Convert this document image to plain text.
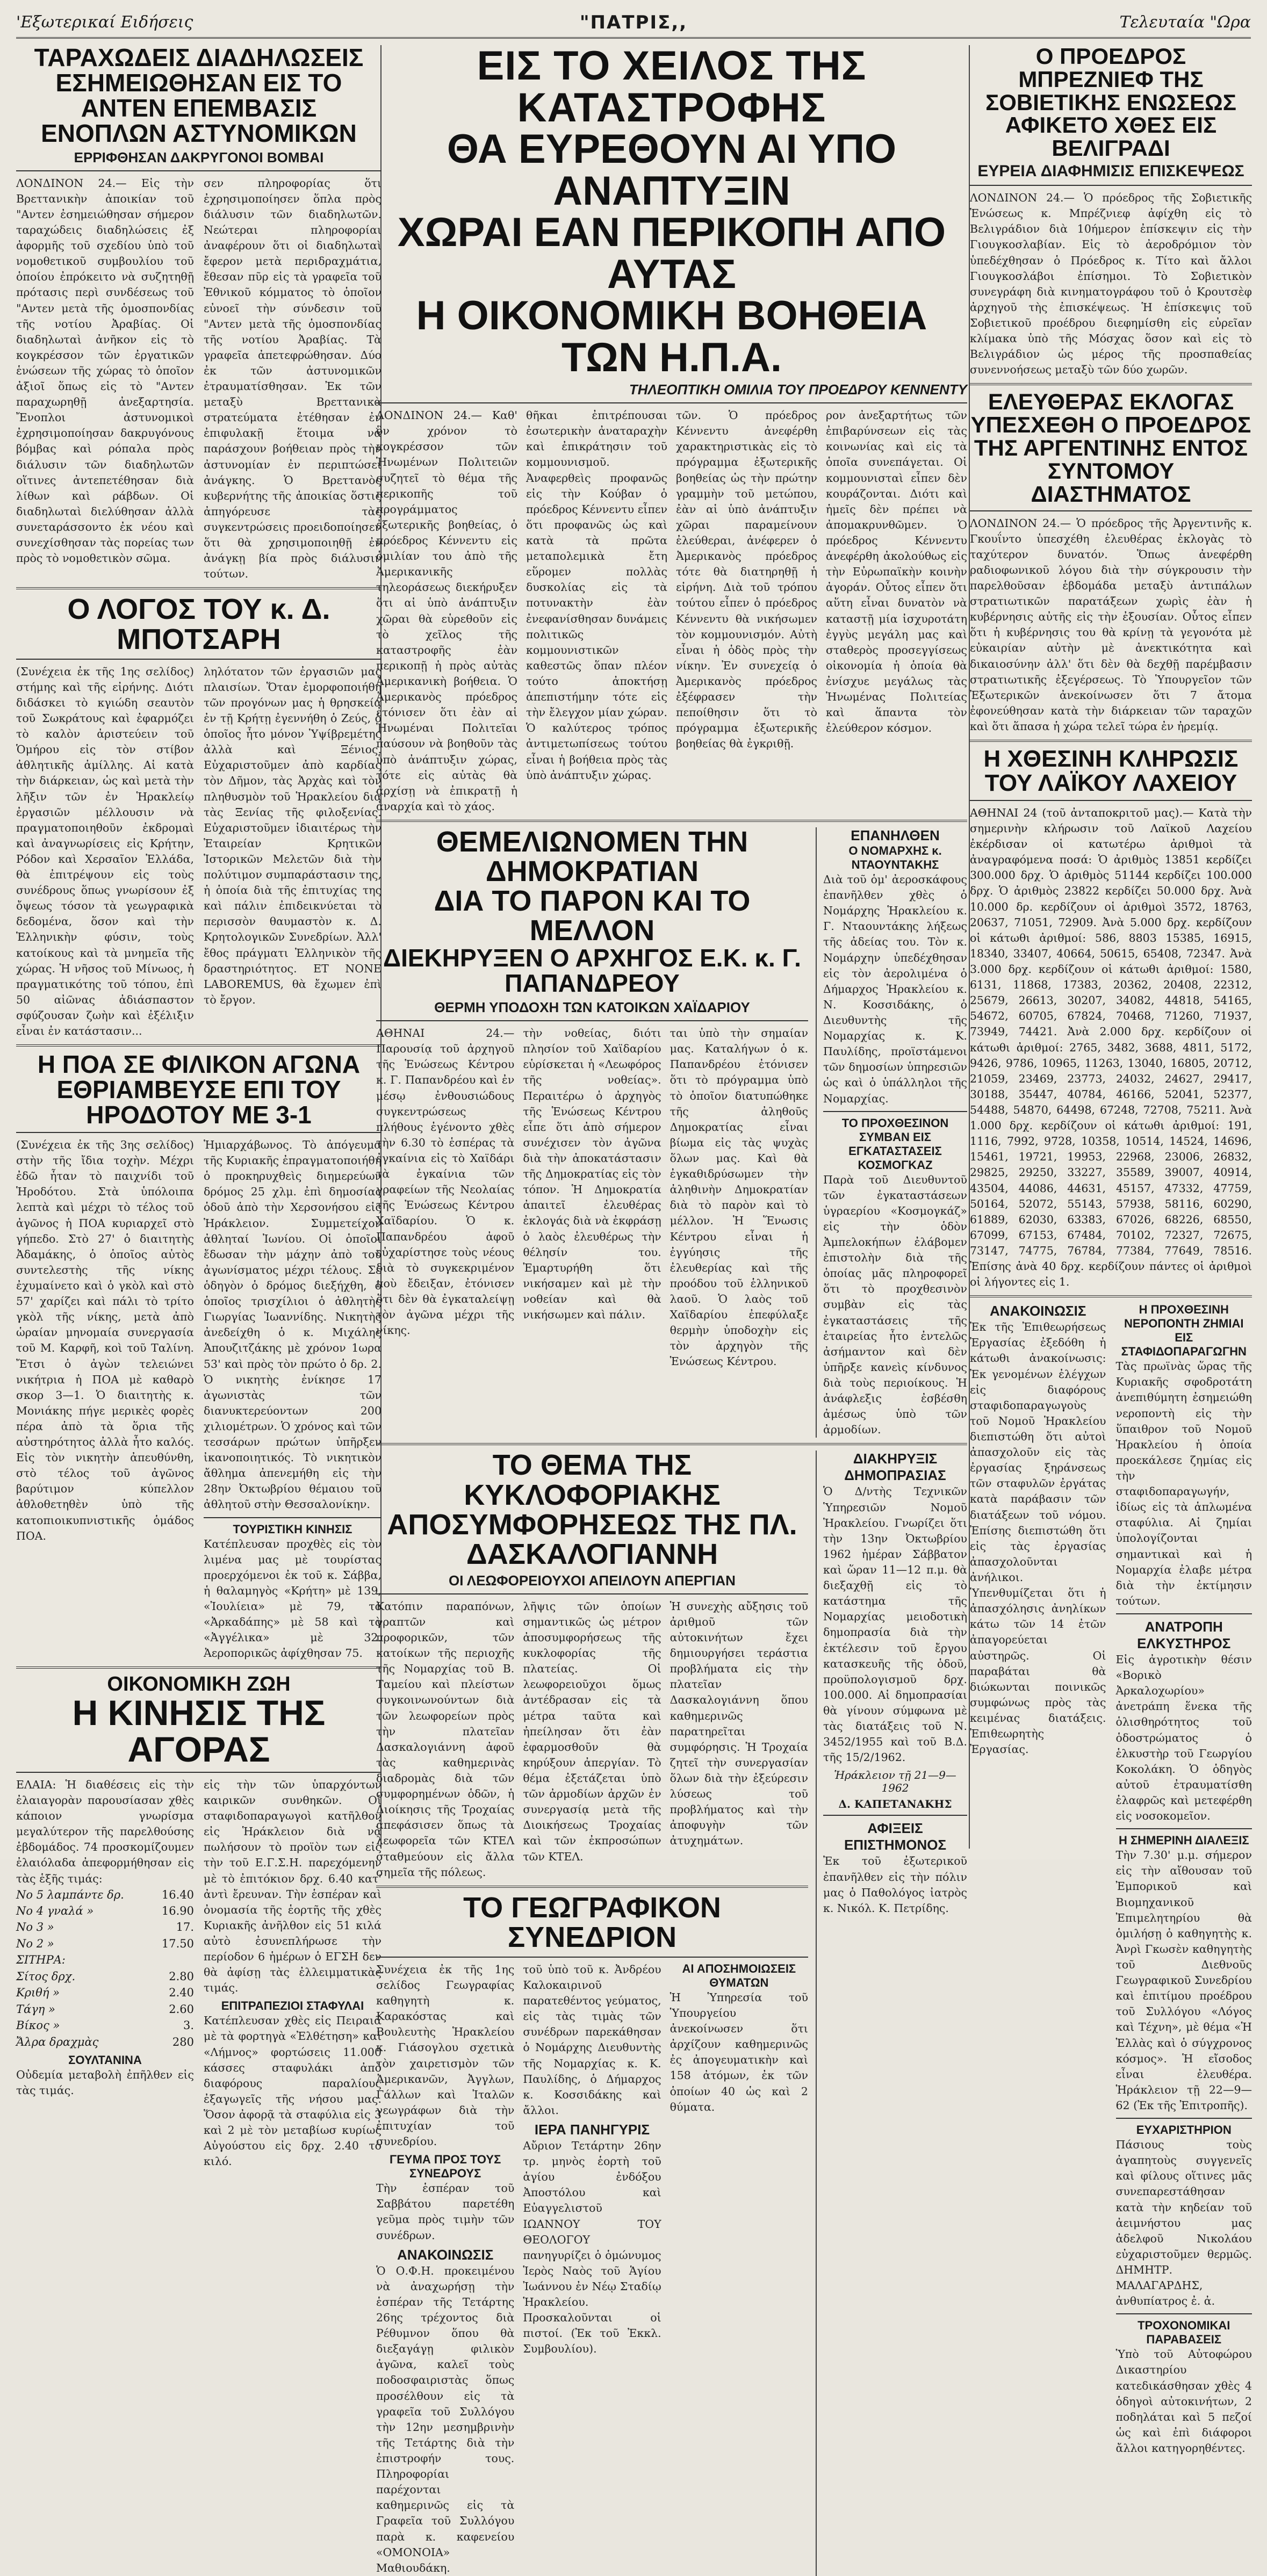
'Εξωτερικαί Ειδήσεις	"ΠΑΤΡΙΣ,,	Τελευταία "Ωρα
ΤΑΡΑΧΩΔΕΙΣ ΔΙΑΔΗΛΩΣΕΙΣ ΕΣΗΜΕΙΩΘΗΣΑΝ ΕΙΣ ΤΟ ΑΝΤΕΝ ΕΠΕΜΒΑΣΙΣ ΕΝΟΠΛΩΝ ΑΣΤΥΝΟΜΙΚΩΝ
ΕΡΡΙΦΘΗΣΑΝ ΔΑΚΡΥΓΟΝΟΙ ΒΟΜΒΑΙ
ΛΟΝΔΙΝΟΝ 24.— Εἰς τὴν Βρεττανικὴν ἀποικίαν τοῦ "Αντεν ἐσημειώθησαν σήμερον ταραχώδεις διαδηλώσεις ἐξ ἀφορμῆς τοῦ σχεδίου ὑπὸ τοῦ νομοθετικοῦ συμβουλίου τοῦ ὁποίου ἐπρόκειτο νὰ συζητηθῇ πρότασις περὶ συνδέσεως τοῦ "Αντεν μετὰ τῆς ὁμοσπονδίας τῆς νοτίου Ἀραβίας. Οἱ διαδηλωταὶ ἀνῆκον εἰς τὸ κογκρέσσον τῶν ἐργατικῶν ἑνώσεων τῆς χώρας τὸ ὁποῖον ἀξιοῖ ὅπως εἰς τὸ "Αντεν παραχωρηθῇ ἀνεξαρτησία. Ἔνοπλοι ἀστυνομικοὶ ἐχρησιμοποίησαν δακρυγόνους βόμβας καὶ ρόπαλα πρὸς διάλυσιν τῶν διαδηλωτῶν οἵτινες ἀντεπετέθησαν διὰ λίθων καὶ ράβδων. Οἱ διαδηλωταὶ διελύθησαν ἀλλὰ συνεταράσσοντο ἐκ νέου καὶ συνεχίσθησαν τὰς πορείας των πρὸς τὸ νομοθετικὸν σῶμα.
σεν πληροφορίας ὅτι ἐχρησιμοποίησεν ὅπλα πρὸς διάλυσιν τῶν διαδηλωτῶν. Νεώτεραι πληροφορίαι ἀναφέρουν ὅτι οἱ διαδηλωταὶ ἔφερον μετὰ περιδραχμάτια, ἔθεσαν πῦρ εἰς τὰ γραφεῖα τοῦ Ἐθνικοῦ κόμματος τὸ ὁποῖον εὐνοεῖ τὴν σύνδεσιν τοῦ "Αντεν μετὰ τῆς ὁμοσπονδίας τῆς νοτίου Ἀραβίας. Τὰ γραφεῖα ἀπετεφρώθησαν. Δύο ἐκ τῶν ἀστυνομικῶν ἐτραυματίσθησαν. Ἐκ τῶν μεταξὺ Βρεττανικὰ στρατεύματα ἐτέθησαν ἐν ἐπιφυλακῇ ἕτοιμα νὰ παράσχουν βοήθειαν πρὸς τὴν ἀστυνομίαν ἐν περιπτώσει ἀνάγκης. Ὁ Βρεττανὸς κυβερνήτης τῆς ἀποικίας ὅστις ἀπηγόρευσε τὰς συγκεντρώσεις προειδοποίησεν ὅτι θὰ χρησιμοποιηθῇ ἐν ἀνάγκῃ βία πρὸς διάλυσιν τούτων.
Ο ΛΟΓΟΣ ΤΟΥ κ. Δ. ΜΠΟΤΣΑΡΗ
(Συνέχεια ἐκ τῆς 1ης σελίδος) στήμης καὶ τῆς εἰρήνης. Διότι διδάσκει τὸ κγιώδη σεαυτὸν τοῦ Σωκράτους καὶ ἐφαρμόζει τὸ καλὸν ἀριστεύειν τοῦ Ὁμήρου εἰς τὸν στίβον ἀθλητικῆς ἁμίλλης. Αἱ κατὰ τὴν διάρκειαν, ὡς καὶ μετὰ τὴν λῆξιν τῶν ἐν Ἡρακλείῳ ἐργασιῶν μέλλουσιν νὰ πραγματοποιηθοῦν ἐκδρομαὶ καὶ ἀναγνωρίσεις εἰς Κρήτην, Ρόδον καὶ Χερσαῖον Ἑλλάδα, θὰ ἐπιτρέψουν εἰς τοὺς συνέδρους ὅπως γνωρίσουν ἐξ ὄψεως τόσον τὰ γεωγραφικὰ δεδομένα, ὅσον καὶ τὴν Ἑλληνικὴν φύσιν, τοὺς κατοίκους καὶ τὰ μνημεῖα τῆς χώρας. Ἡ νῆσος τοῦ Μίνωος, ἡ πραγματικότης τοῦ τόπου, ἐπὶ 50 αἰῶνας ἀδιάσπαστον σφύζουσαν ζωὴν καὶ ἐξέλιξιν εἶναι ἐν κατάστασιν...
ληλότατον τῶν ἐργασιῶν μας πλαισίων. Ὅταν ἐμορφοποιήθη τῶν προγόνων μας ἡ θρησκεία ἐν τῇ Κρήτῃ ἐγεννήθη ὁ Ζεύς, ὁ ὁποῖος ἦτο μόνον Ὑψίβρεμέτης ἀλλὰ καὶ Ξένιος. Εὐχαριστοῦμεν ἀπὸ καρδίας τὸν Δῆμον, τὰς Ἀρχὰς καὶ τὸν πληθυσμὸν τοῦ Ἡρακλείου διὰ τὰς Ξενίας τῆς φιλοξενίας. Εὐχαριστοῦμεν ἰδιαιτέρως τὴν Ἑταιρείαν Κρητικῶν Ἱστορικῶν Μελετῶν διὰ τὴν πολύτιμον συμπαράστασιν της, ἡ ὁποία διὰ τῆς ἐπιτυχίας της καὶ πάλιν ἐπιδεικνύεται τὸ περισσὸν θαυμαστὸν κ. Δ. Κρητολογικῶν Συνεδρίων. Ἀλλ' ἔθος πράγματι Ἑλληνικὸν τῆς δραστηριότητος. ΕΤ NONE LABOREMUS, θὰ ἔχωμεν ἐπὶ τὸ ἔργον.
Η ΠΟΑ ΣΕ ΦΙΛΙΚΟΝ ΑΓΩΝΑ ΕΘΡΙΑΜΒΕΥΣΕ ΕΠΙ ΤΟΥ ΗΡΟΔΟΤΟΥ ΜΕ 3-1
(Συνέχεια ἐκ τῆς 3ης σελίδος) στὴν τῆς ἴδια τοχὴν. Μέχρι ἐδῶ ἦταν τὸ παιχνίδι τοῦ Ἡροδότου. Στὰ ὑπόλοιπα λεπτὰ καὶ μέχρι τὸ τέλος τοῦ ἀγῶνος ἡ ΠΟΑ κυριαρχεῖ στὸ γήπεδο. Στὸ 27' ὁ διαιτητὴς Ἀδαμάκης, ὁ ὁποῖος αὐτὸς συντελεστὴς τῆς νίκης ἐχυμαίνετο καὶ ὁ γκὸλ καὶ στὸ 57' χαρίζει καὶ πάλι τὸ τρίτο γκὸλ τῆς νίκης, μετὰ ἀπὸ ὡραίαν μηνομαία συνεργασία τοῦ Μ. Καρφῆ, κοὶ τοῦ Ταλίνη. Ἔτσι ὁ ἀγὼν τελειώνει νικήτρια ἡ ΠΟΑ μὲ καθαρὸ σκορ 3—1. Ὁ διαιτητὴς κ. Μονιάκης πήγε μερικὲς φορὲς πέρα ἀπὸ τὰ ὅρια τῆς αὐστηρότητος ἀλλὰ ἦτο καλός. Εἰς τὸν νικητὴν ἀπευθύνθη, στὸ τέλος τοῦ ἀγῶνος βαρύτιμον κύπελλον ἀθλοθετηθὲν ὑπὸ τῆς κατοπιοικυπνιστικῆς ὁμάδος ΠΟΑ.
Ἡμιαρχάβωνος. Τὸ ἀπόγευμα τῆς Κυριακῆς ἐπραγματοποιήθη ὁ προκηρυχθεὶς διημερεύων δρόμος 25 χλμ. ἐπὶ δημοσίας ὁδοῦ ἀπὸ τὴν Χερσονήσου εἰς Ἡράκλειον. Συμμετείχον ἀθληταί Ἰωνίου. Οἱ ὁποῖοι ἔδωσαν τὴν μάχην ἀπὸ τοῦ ἀγωνίσματος μέχρι τέλους. Σὲ ὁδηγὸν ὁ δρόμος διεξήχθη, ὁ ὁποῖος τρισχίλιοι ὁ ἀθλητὴς Γιωργίας Ἰωαννίδης. Νικητὴς ἀνεδείχθη ὁ κ. Μιχάλης Ἀπουζιτζάκης μὲ χρόνον 1ωρα 53' καὶ πρὸς τὸν πρώτο ὁ δρ. 2. Ὁ νικητὴς ἐνίκησε 17 ἀγωνιστὰς τῶν διανυκτερεύοντων 200 χιλιομέτρων. Ὁ χρόνος καὶ τῶν τεσσάρων πρώτων ὑπῆρξεν ἰκανοποιητικός. Τὸ νικητικὸν ἄθλημα ἀπενεμήθη εἰς τὴν 28ην Ὀκτωβρίου θέμαιου τοῦ ἀθλητοῦ στὴν Θεσσαλονίκην.
ΤΟΥΡΙΣΤΙΚΗ ΚΙΝΗΣΙΣ
Κατέπλευσαν προχθὲς εἰς τὸν λιμένα μας μὲ τουρίστας προερχόμενοι ἐκ τοῦ κ. Σάββα, ἡ θαλαμηγὸς «Κρήτη» μὲ 139, «Ἰουλίεια» μὲ 79, τὸ «Ἀρκαδάπης» μὲ 58 καὶ τὸ «Ἀγγέλικα» μὲ 32. Ἀεροπορικῶς ἀφίχθησαν 75.
ΟΙΚΟΝΟΜΙΚΗ ΖΩΗ
Η ΚΙΝΗΣΙΣ ΤΗΣ ΑΓΟΡΑΣ
ΕΛΑΙΑ: Ἡ διαθέσεις εἰς τὴν ἐλαιαγορὰν παρουσίασαν χθὲς κάποιον γνωρίσμα μεγαλύτερον τῆς παρελθούσης ἑβδομάδος. 74 προσκομίζουμεν ἐλαιόλαδα ἀπεφορμήθησαν εἰς τὰς ἑξῆς τιμάς:
Νο 5 λαμπάντε δρ.	16.40
Νο 4 γναλά »	16.90
Νο 3 »	17.
Νο 2 »	17.50
ΣΙΤΗΡΑ:
Σίτος δρχ.	2.80
Κριθή »	2.40
Τάγη »	2.60
Βίκος »	3.
Ἄλρα δραχμὰς	280
ΣΟΥΛΤΑΝΙΝΑ
Οὐδεμία μεταβολὴ ἐπῆλθεν εἰς τὰς τιμάς.
εἰς τὴν τῶν ὑπαρχόντων καιρικῶν συνθηκῶν. Οἱ σταφιδοπαραγωγοὶ κατῆλθον εἰς Ἡράκλειον διὰ νὰ πωλήσουν τὸ προϊὸν των εἰς τὴν τοῦ Ε.Γ.Σ.Η. παρεχόμενην μὲ τὸ ἐπιτόκιον δρχ. 6.40 κατ' ἀντὶ ἔρευναν. Τὴν ἑσπέραν καὶ ὀνομασία τῆς ἑορτῆς τῆς χθὲς Κυριακῆς ἀνῆλθον εἰς 51 κιλά αὐτὸ ἐσυνεπλήρωσε τὴν περίοδον 6 ἡμέρων ὁ ΕΓΣΗ δεν θὰ ἀφίσῃ τὰς ἐλλειμματικὰς τιμάς.
ΕΠΙΤΡΑΠΕΖΙΟΙ ΣΤΑΦΥΛΑΙ
Κατέπλευσαν χθὲς εἰς Πειραιᾶ μὲ τὰ φορτηγὰ «Ἐλθέτηση» καὶ «Λήμνος» φορτώσεις 11.000 κάσσες σταφυλάκι ἀπὸ διαφόρους παραλίους ἐξαγωγεῖς τῆς νήσου μας. Ὅσον ἀφορᾷ τὰ σταφύλια εἰς 3 καὶ 2 μὲ τὸν μεταβίωσ κυρίως Αὐγούστου εἰς δρχ. 2.40 τὸ κιλό.
ΕΙΣ ΤΟ ΧΕΙΛΟΣ ΤΗΣ ΚΑΤΑΣΤΡΟΦΗΣ
ΘΑ ΕΥΡΕΘΟΥΝ ΑΙ ΥΠΟ ΑΝΑΠΤΥΞΙΝ
ΧΩΡΑΙ ΕΑΝ ΠΕΡΙΚΟΠΗ ΑΠΟ ΑΥΤΑΣ
Η ΟΙΚΟΝΟΜΙΚΗ ΒΟΗΘΕΙΑ ΤΩΝ Η.Π.Α.
ΤΗΛΕΟΠΤΙΚΗ ΟΜΙΛΙΑ ΤΟΥ ΠΡΟΕΔΡΟΥ ΚΕΝΝΕΝΤΥ
ΛΟΝΔΙΝΟΝ 24.— Καθ' ὃν χρόνον τὸ κογκρέσσον τῶν Ἡνωμένων Πολιτειῶν συζητεῖ τὸ θέμα τῆς περικοπῆς τοῦ προγράμματος ἐξωτερικῆς βοηθείας, ὁ πρόεδρος Κέννεντυ εἰς ὁμιλίαν του ἀπὸ τῆς Ἀμερικανικῆς τηλεοράσεως διεκήρυξεν ὅτι αἱ ὑπὸ ἀνάπτυξιν χῶραι θὰ εὑρεθοῦν εἰς τὸ χεῖλος τῆς καταστροφῆς ἐὰν περικοπῇ ἡ πρὸς αὐτὰς Ἀμερικανικὴ βοήθεια. Ὁ Ἀμερικανὸς πρόεδρος ἐτόνισεν ὅτι ἐὰν αἱ Ἡνωμέναι Πολιτεῖαι παύσουν νὰ βοηθοῦν τὰς ὑπὸ ἀνάπτυξιν χώρας, τότε εἰς αὐτὰς θὰ ἀρχίσῃ νὰ ἐπικρατῇ ἡ ἀναρχία καὶ τὸ χάος.
θῆκαι ἐπιτρέπουσαι ἐσωτερικὴν ἀναταραχὴν καὶ ἐπικράτησιν τοῦ κομμουνισμοῦ. Ἀναφερθεὶς προφανῶς εἰς τὴν Κούβαν ὁ πρόεδρος Κέννεντυ εἶπεν ὅτι προφανῶς ὡς καὶ κατὰ τὰ πρῶτα μεταπολεμικὰ ἔτη εὕρομεν πολλὰς δυσκολίας εἰς τὰ ποτυνακτὴν ἐὰν ἐνεφανίσθησαν δυνάμεις πολιτικῶς κομμουνιστικῶν καθεστῶς ὅπαν πλέον τούτο ἀποκτήσῃ ἀπεπιστήμην τότε εἰς τὴν ἔλεγχον μίαν χώραν. Ὁ καλύτερος τρόπος ἀντιμετωπίσεως τούτου εἶναι ἡ βοήθεια πρὸς τὰς ὑπὸ ἀνάπτυξιν χώρας.
τῶν. Ὁ πρόεδρος Κέννεντυ ἀνεφέρθη χαρακτηριστικὰς εἰς τὸ πρόγραμμα ἐξωτερικῆς βοηθείας ὡς τὴν πρώτην γραμμὴν τοῦ μετώπου, ἐὰν αἱ ὑπὸ ἀνάπτυξιν χῶραι παραμείνουν ἐλεύθεραι, ἀνέφερεν ὁ Ἀμερικανὸς πρόεδρος τότε θὰ διατηρηθῇ ἡ εἰρήνη. Διὰ τοῦ τρόπου τούτου εἶπεν ὁ πρόεδρος Κέννεντυ θὰ νικήσωμεν τὸν κομμουνισμόν. Αὐτὴ εἶναι ἡ ὁδὸς πρὸς τὴν νίκην. Ἐν συνεχείᾳ ὁ Ἀμερικανὸς πρόεδρος ἐξέφρασεν τὴν πεποίθησιν ὅτι τὸ πρόγραμμα ἐξωτερικῆς βοηθείας θὰ ἐγκριθῇ.
ρον ἀνεξαρτήτως τῶν ἐπιβαρύνσεων εἰς τὰς κοινωνίας καὶ εἰς τὰ ὁποῖα συνεπάγεται. Οἱ κομμουνισταὶ εἶπεν δὲν κουράζονται. Διότι καὶ ἡμεῖς δὲν πρέπει νὰ ἀπομακρυνθῶμεν. Ὁ πρόεδρος Κέννεντυ ἀνεφέρθη ἀκολούθως εἰς τὴν Εὐρωπαϊκὴν κοινὴν ἀγοράν. Οὗτος εἶπεν ὅτι αὕτη εἶναι δυνατὸν νὰ καταστῇ μία ἰσχυροτάτη ἐγγὺς μεγάλη μας καὶ σταθερὸς προσεγγίσεως οἰκονομία ἡ ὁποία θὰ ἐνίσχυε μεγάλως τὰς Ἡνωμένας Πολιτείας καὶ ἅπαντα τὸν ἐλεύθερον κόσμον.
ΘΕΜΕΛΙΩΝΟΜΕΝ ΤΗΝ ΔΗΜΟΚΡΑΤΙΑΝ
ΔΙΑ ΤΟ ΠΑΡΟΝ ΚΑΙ ΤΟ ΜΕΛΛΟΝ
ΔΙΕΚΗΡΥΞΕΝ Ο ΑΡΧΗΓΟΣ Ε.Κ. κ. Γ. ΠΑΠΑΝΔΡΕΟΥ
ΘΕΡΜΗ ΥΠΟΔΟΧΗ ΤΩΝ ΚΑΤΟΙΚΩΝ ΧΑΪΔΑΡΙΟΥ
ΑΘΗΝΑΙ 24.— Παρουσίᾳ τοῦ ἀρχηγοῦ τῆς Ἑνώσεως Κέντρου κ. Γ. Παπανδρέου καὶ ἐν μέσῳ ἐνθουσιώδους συγκεντρώσεως πλήθους ἐγένοντο χθὲς τὴν 6.30 τὸ ἑσπέρας τὰ ἐγκαίνια εἰς τὸ Χαϊδάρι τὰ ἐγκαίνια τῶν γραφείων τῆς Νεολαίας τῆς Ἑνώσεως Κέντρου Χαϊδαρίου. Ὁ κ. Παπανδρέου ἀφοῦ εὐχαρίστησε τοὺς νέους διὰ τὸ συγκεκριμένον ποὺ ἔδειξαν, ἐτόνισεν ὅτι δὲν θὰ ἐγκαταλείψῃ τὸν ἀγῶνα μέχρι τῆς νίκης.
τὴν νοθείας, διότι πλησίον τοῦ Χαϊδαρίου εὑρίσκεται ἡ «Λεωφόρος τῆς νοθείας». Περαιτέρω ὁ ἀρχηγὸς τῆς Ἑνώσεως Κέντρου εἶπε ὅτι ἀπὸ σήμερον συνέχισεν τὸν ἀγῶνα διὰ τὴν ἀποκατάστασιν τῆς Δημοκρατίας εἰς τὸν τόπον. Ἡ Δημοκρατία ἀπαιτεῖ ἐλευθέρας ἐκλογάς διὰ νὰ ἐκφράσῃ ὁ λαὸς ἐλευθέρως τὴν θέλησίν του. Ἐμαρτυρήθη ὅτι νικήσαμεν καὶ μὲ τὴν νοθείαν καὶ θὰ νικήσωμεν καὶ πάλιν.
ται ὑπὸ τὴν σημαίαν μας. Καταλήγων ὁ κ. Παπανδρέου ἐτόνισεν ὅτι τὸ πρόγραμμα ὑπὸ τὸ ὁποῖον διατυπώθηκε τῆς ἀληθοῦς Δημοκρατίας εἶναι βίωμα εἰς τὰς ψυχὰς ὅλων μας. Καὶ θὰ ἐγκαθιδρύσωμεν τὴν ἀληθινὴν Δημοκρατίαν διὰ τὸ παρὸν καὶ τὸ μέλλον. Ἡ Ἕνωσις Κέντρου εἶναι ἡ ἐγγύησις τῆς ἐλευθερίας καὶ τῆς προόδου τοῦ ἑλληνικοῦ λαοῦ. Ὁ λαὸς τοῦ Χαϊδαρίου ἐπεφύλαξε θερμὴν ὑποδοχὴν εἰς τὸν ἀρχηγὸν τῆς Ἑνώσεως Κέντρου.
ΕΠΑΝΗΛΘΕΝ
Ο ΝΟΜΑΡΧΗΣ κ. ΝΤΑΟΥΝΤΑΚΗΣ
Διὰ τοῦ ὁμ' ἀεροσκάφους ἐπανῆλθεν χθὲς ὁ Νομάρχης Ἡρακλείου κ. Γ. Νταουντάκης λήξεως τῆς ἀδείας του. Τὸν κ. Νομάρχην ὑπεδέχθησαν εἰς τὸν ἀερολιμένα ὁ Δήμαρχος Ἡρακλείου κ. Ν. Κοσσιδάκης, ὁ Διευθυντὴς τῆς Νομαρχίας κ. Κ. Παυλίδης, προϊστάμενοι τῶν δημοσίων ὑπηρεσιῶν ὡς καὶ ὁ ὑπάλληλοι τῆς Νομαρχίας.
ΤΟ ΠΡΟΧΘΕΣΙΝΟΝ ΣΥΜΒΑΝ ΕΙΣ ΕΓΚΑΤΑΣΤΑΣΕΙΣ ΚΟΣΜΟΓΚΑΖ
Παρὰ τοῦ Διευθυντοῦ τῶν ἐγκαταστάσεων ὑγραερίου «Κοσμογκάζ» εἰς τὴν ὁδὸν Ἀμπελοκήπων ἐλάβομεν ἐπιστολὴν διὰ τῆς ὁποίας μᾶς πληροφορεῖ ὅτι τὸ προχθεσινὸν συμβὰν εἰς τὰς ἐγκαταστάσεις τῆς ἑταιρείας ἦτο ἐντελῶς ἀσήμαντον καὶ δὲν ὑπῆρξε κανεὶς κίνδυνος διὰ τοὺς περιοίκους. Ἡ ἀνάφλεξις ἐσβέσθη ἀμέσως ὑπὸ τῶν ἀρμοδίων.
ΤΟ ΘΕΜΑ ΤΗΣ ΚΥΚΛΟΦΟΡΙΑΚΗΣ
ΑΠΟΣΥΜΦΟΡΗΣΕΩΣ ΤΗΣ ΠΛ. ΔΑΣΚΑΛΟΓΙΑΝΝΗ
ΟΙ ΛΕΩΦΟΡΕΙΟΥΧΟΙ ΑΠΕΙΛΟΥΝ ΑΠΕΡΓΙΑΝ
Κατόπιν παραπόνων, γραπτῶν καὶ προφορικῶν, τῶν κατοίκων τῆς περιοχῆς τῆς Νομαρχίας τοῦ Β. Ταμείου καὶ πλείστων συγκοινωνούντων διὰ τῶν λεωφορείων πρὸς τὴν πλατεῖαν Δασκαλογιάννη ἀφοῦ τὰς καθημερινὰς διαδρομὰς διὰ τῶν συμφορημένων ὁδῶν, ἡ Διοίκησις τῆς Τροχαίας ἀπεφάσισεν ὅπως τὰ λεωφορεῖα τῶν ΚΤΕΛ σταθμεύουν εἰς ἄλλα σημεῖα τῆς πόλεως.
λῆψις τῶν ὁποίων σημαντικῶς ὡς μέτρον ἀποσυμφορήσεως τῆς κυκλοφορίας τῆς πλατείας. Οἱ λεωφορειοῦχοι ὅμως ἀντέδρασαν εἰς τὰ μέτρα ταῦτα καὶ ἠπείλησαν ὅτι ἐὰν ἐφαρμοσθοῦν θὰ κηρύξουν ἀπεργίαν. Τὸ θέμα ἐξετάζεται ὑπὸ τῶν ἀρμοδίων ἀρχῶν ἐν συνεργασίᾳ μετὰ τῆς Διοικήσεως Τροχαίας καὶ τῶν ἐκπροσώπων τῶν ΚΤΕΛ.
Ἡ συνεχὴς αὔξησις τοῦ ἀριθμοῦ τῶν αὐτοκινήτων ἔχει δημιουργήσει τεράστια προβλήματα εἰς τὴν πλατεῖαν Δασκαλογιάννη ὅπου καθημερινῶς παρατηρεῖται συμφόρησις. Ἡ Τροχαία ζητεῖ τὴν συνεργασίαν ὅλων διὰ τὴν ἐξεύρεσιν λύσεως τοῦ προβλήματος καὶ τὴν ἀποφυγὴν τῶν ἀτυχημάτων.
ΤΟ ΓΕΩΓΡΑΦΙΚΟΝ ΣΥΝΕΔΡΙΟΝ
Συνέχεια ἐκ τῆς 1ης σελίδος Γεωγραφίας καθηγητὴ κ. Καρακόστας καὶ Βουλευτὴς Ἡρακλείου κ. Γιάσογλου σχετικὰ τὸν χαιρετισμὸν τῶν Ἀμερικανῶν, Ἀγγλων, Γάλλων καὶ Ἰταλῶν γεωγράφων διὰ τὴν ἐπιτυχίαν τοῦ συνεδρίου.
ΓΕΥΜΑ ΠΡΟΣ ΤΟΥΣ ΣΥΝΕΔΡΟΥΣ
Τὴν ἑσπέραν τοῦ Σαββάτου παρετέθη γεῦμα πρὸς τιμὴν τῶν συνέδρων.
ΑΝΑΚΟΙΝΩΣΙΣ
Ὁ Ο.Φ.Η. προκειμένου νὰ ἀναχωρήσῃ τὴν ἑσπέραν τῆς Τετάρτης 26ης τρέχοντος διὰ Ρέθυμνον ὅπου θὰ διεξαγάγῃ φιλικὸν ἀγῶνα, καλεῖ τοὺς ποδοσφαιριστὰς ὅπως προσέλθουν εἰς τὰ γραφεῖα τοῦ Συλλόγου τὴν 12ην μεσημβρινὴν τῆς Τετάρτης διὰ τὴν ἐπιστροφήν τους. Πληροφορίαι παρέχονται καθημερινῶς εἰς τὰ Γραφεῖα τοῦ Συλλόγου παρὰ κ. καφενείου «ΟΜΟΝΟΙΑ» Μαθιουδάκη.
τοῦ ὑπὸ τοῦ κ. Ἀνδρέου Καλοκαιρινοῦ παρατεθέντος γεύματος, εἰς τὰς τιμὰς τῶν συνέδρων παρεκάθησαν ὁ Νομάρχης Διευθυντὴς τῆς Νομαρχίας κ. Κ. Παυλίδης, ὁ Δήμαρχος κ. Κοσσιδάκης καὶ ἄλλοι.
ΙΕΡΑ ΠΑΝΗΓΥΡΙΣ
Αὔριον Τετάρτην 26ην τρ. μηνὸς ἑορτὴ τοῦ ἁγίου ἐνδόξου Ἀποστόλου καὶ Εὐαγγελιστοῦ ΙΩΑΝΝΟΥ ΤΟΥ ΘΕΟΛΟΓΟΥ πανηγυρίζει ὁ ὁμώνυμος Ἱερὸς Ναὸς τοῦ Ἁγίου Ἰωάννου ἐν Νέῳ Σταδίῳ Ἡρακλείου. Προσκαλοῦνται οἱ πιστοί. (Ἐκ τοῦ Ἐκκλ. Συμβουλίου).
ΑΙ ΑΠΟΣΗΜΟΙΩΣΕΙΣ ΘΥΜΑΤΩΝ
Ἡ Ὑπηρεσία τοῦ Ὑπουργείου ἀνεκοίνωσεν ὅτι ἀρχίζουν καθημερινῶς ἐς ἀπογευματικὴν καὶ 158 ἀτόμων, ἐκ τῶν ὁποίων 40 ὡς καὶ 2 θύματα.
ΔΙΑΚΗΡΥΞΙΣ ΔΗΜΟΠΡΑΣΙΑΣ
Ὁ Δ/ντὴς Τεχνικῶν Ὑπηρεσιῶν Νομοῦ Ἡρακλείου. Γνωρίζει ὅτι τὴν 13ην Ὀκτωβρίου 1962 ἡμέραν Σάββατον καὶ ὥραν 11—12 π.μ. θὰ διεξαχθῇ εἰς τὸ κατάστημα τῆς Νομαρχίας μειοδοτικὴ δημοπρασία διὰ τὴν ἐκτέλεσιν τοῦ ἔργου κατασκευῆς τῆς ὁδοῦ, προϋπολογισμοῦ δρχ. 100.000. Αἱ δημοπρασίαι θὰ γίνουν σύμφωνα μὲ τὰς διατάξεις τοῦ Ν. 3452/1955 καὶ τοῦ Β.Δ. τῆς 15/2/1962.
Ἡράκλειον τῇ 21—9—1962
Δ. ΚΑΠΕΤΑΝΑΚΗΣ
ΑΦΙΞΕΙΣ ΕΠΙΣΤΗΜΟΝΟΣ
Ἐκ τοῦ ἐξωτερικοῦ ἐπανῆλθεν εἰς τὴν πόλιν μας ὁ Παθολόγος ἰατρὸς κ. Νικόλ. Κ. Πετρίδης.
Ο ΠΡΟΕΔΡΟΣ ΜΠΡΕΖΝΙΕΦ ΤΗΣ ΣΟΒΙΕΤΙΚΗΣ ΕΝΩΣΕΩΣ ΑΦΙΚΕΤΟ ΧΘΕΣ ΕΙΣ ΒΕΛΙΓΡΑΔΙ
ΕΥΡΕΙΑ ΔΙΑΦΗΜΙΣΙΣ ΕΠΙΣΚΕΨΕΩΣ
ΛΟΝΔΙΝΟΝ 24.— Ὁ πρόεδρος τῆς Σοβιετικῆς Ἑνώσεως κ. Μπρέζνιεφ ἀφίχθη εἰς τὸ Βελιγράδιον διὰ 10ήμερον ἐπίσκεψιν εἰς τὴν Γιουγκοσλαβίαν. Εἰς τὸ ἀεροδρόμιον τὸν ὑπεδέχθησαν ὁ Πρόεδρος κ. Τίτο καὶ ἄλλοι Γιουγκοσλάβοι ἐπίσημοι. Τὸ Σοβιετικὸν συνεγράφη διὰ κινηματογράφου τοῦ ὁ Κρουτσὲφ ἀρχηγοῦ τὴς ἐπισκέψεως. Ἡ ἐπίσκεψις τοῦ Σοβιετικοῦ προέδρου διεφημίσθη εἰς εὐρεῖαν κλίμακα ὑπὸ τῆς Μόσχας ὅσον καὶ εἰς τὸ Βελιγράδιον ὡς μέρος τῆς προσπαθείας συνεννοήσεως μεταξὺ τῶν δύο χωρῶν.
ΕΛΕΥΘΕΡΑΣ ΕΚΛΟΓΑΣ ΥΠΕΣΧΕΘΗ Ο ΠΡΟΕΔΡΟΣ ΤΗΣ ΑΡΓΕΝΤΙΝΗΣ ΕΝΤΟΣ ΣΥΝΤΟΜΟΥ ΔΙΑΣΤΗΜΑΤΟΣ
ΛΟΝΔΙΝΟΝ 24.— Ὁ πρόεδρος τῆς Ἀργεντινῆς κ. Γκουΐντο ὑπεσχέθη ἐλευθέρας ἐκλογὰς τὸ ταχύτερον δυνατόν. Ὅπως ἀνεφέρθη ραδιοφωνικοῦ λόγου διὰ τὴν σύγκρουσιν τὴν παρελθοῦσαν ἑβδομάδα μεταξὺ ἀντιπάλων στρατιωτικῶν παρατάξεων χωρὶς ἐὰν ἡ κυβέρνησις αὐτῆς εἰς τὴν ἐξουσίαν. Οὗτος εἶπεν ὅτι ἡ κυβέρνησις του θὰ κρίνῃ τὰ γεγονότα μὲ εὐκαιρίαν αὐτὴν μὲ ἀνεκτικότητα καὶ δικαιοσύνην ἀλλ' ὅτι δὲν θὰ δεχθῇ παρέμβασιν στρατιωτικῆς ἐξεγέρσεως. Τὸ Ὑπουργεῖον τῶν Ἐξωτερικῶν ἀνεκοίνωσεν ὅτι 7 ἄτομα ἐφονεύθησαν κατὰ τὴν διάρκειαν τῶν ταραχῶν καὶ ὅτι ἅπασα ἡ χώρα τελεῖ τώρα ἐν ἠρεμίᾳ.
Η ΧΘΕΣΙΝΗ ΚΛΗΡΩΣΙΣ ΤΟΥ ΛΑΪΚΟΥ ΛΑΧΕΙΟΥ
ΑΘΗΝΑΙ 24 (τοῦ ἀνταποκριτοῦ μας).— Κατὰ τὴν σημερινὴν κλήρωσιν τοῦ Λαϊκοῦ Λαχείου ἐκέρδισαν οἱ κατωτέρω ἀριθμοὶ τὰ ἀναγραφόμενα ποσά: Ὁ ἀριθμὸς 13851 κερδίζει 300.000 δρχ. Ὁ ἀριθμὸς 51144 κερδίζει 100.000 δρχ. Ὁ ἀριθμὸς 23822 κερδίζει 50.000 δρχ. Ἀνὰ 10.000 δρ. κερδίζουν οἱ ἀριθμοὶ 3572, 18763, 20637, 71051, 72909. Ἀνὰ 5.000 δρχ. κερδίζουν οἱ κάτωθι ἀριθμοί: 586, 8803 15385, 16915, 18340, 33407, 40664, 50615, 65408, 72347. Ἀνὰ 3.000 δρχ. κερδίζουν οἱ κάτωθι ἀριθμοί: 1580, 6131, 11868, 17383, 20362, 20408, 22312, 25679, 26613, 30207, 34082, 44818, 54165, 54672, 60705, 67824, 70468, 71260, 71937, 73949, 74421. Ἀνὰ 2.000 δρχ. κερδίζουν οἱ κάτωθι ἀριθμοί: 2765, 3482, 3688, 4811, 5172, 9426, 9786, 10965, 11263, 13040, 16805, 20712, 21059, 23469, 23773, 24032, 24627, 29417, 30188, 35447, 40784, 46166, 52041, 52377, 54488, 54870, 64498, 67248, 72708, 75211. Ἀνὰ 1.000 δρχ. κερδίζουν οἱ κάτωθι ἀριθμοί: 191, 1116, 7992, 9728, 10358, 10514, 14524, 14696, 15461, 19721, 19953, 22968, 23006, 26832, 29825, 29250, 33227, 35589, 39007, 40914, 43504, 44086, 44631, 45157, 47332, 47759, 50164, 52072, 55143, 57938, 58116, 60290, 61889, 62030, 63383, 67026, 68226, 68550, 67099, 67153, 67484, 70102, 72327, 72675, 73147, 74775, 76784, 77384, 77649, 78516. Ἐπίσης ἀνὰ 40 δρχ. κερδίζουν πάντες οἱ ἀριθμοὶ οἱ λήγοντες εἰς 1.
ΑΝΑΚΟΙΝΩΣΙΣ
Ἐκ τῆς Ἐπιθεωρήσεως Ἐργασίας ἐξεδόθη ἡ κάτωθι ἀνακοίνωσις: Ἐκ γενομένων ἐλέγχων εἰς διαφόρους σταφιδοπαραγωγοὺς τοῦ Νομοῦ Ἡρακλείου διεπιστώθη ὅτι αὐτοὶ ἀπασχολοῦν εἰς τὰς ἐργασίας ξηράνσεως τῶν σταφυλῶν ἐργάτας κατὰ παράβασιν τῶν διατάξεων τοῦ νόμου. Ἐπίσης διεπιστώθη ὅτι εἰς τὰς ἐργασίας ἀπασχολοῦνται ἀνήλικοι. Ὑπενθυμίζεται ὅτι ἡ ἀπασχόλησις ἀνηλίκων κάτω τῶν 14 ἐτῶν ἀπαγορεύεται αὐστηρῶς. Οἱ παραβάται θὰ διώκωνται ποινικῶς συμφώνως πρὸς τὰς κειμένας διατάξεις. Ἐπιθεωρητὴς Ἐργασίας.
Η ΠΡΟΧΘΕΣΙΝΗ ΝΕΡΟΠΟΝΤΗ ΖΗΜΙΑΙ ΕΙΣ ΣΤΑΦΙΔΟΠΑΡΑΓΩΓΗΝ
Τὰς πρωϊνὰς ὥρας τῆς Κυριακῆς σφοδροτάτη ἀνεπιθύμητη ἐσημειώθη νεροποντὴ εἰς τὴν ὕπαιθρον τοῦ Νομοῦ Ἡρακλείου ἡ ὁποία προεκάλεσε ζημίας εἰς τὴν σταφιδοπαραγωγήν, ἰδίως εἰς τὰ ἁπλωμένα σταφύλια. Αἱ ζημίαι ὑπολογίζονται σημαντικαὶ καὶ ἡ Νομαρχία ἐλαβε μέτρα διὰ τὴν ἐκτίμησιν τούτων.
ΑΝΑΤΡΟΠΗ ΕΛΚΥΣΤΗΡΟΣ
Εἰς ἀγροτικὴν θέσιν «Βορικὸ Ἀρκαλοχωρίου» ἀνετράπη ἕνεκα τῆς ὁλισθηρότητος τοῦ ὁδοστρώματος ὁ ἑλκυστὴρ τοῦ Γεωργίου Κοκολάκη. Ὁ ὁδηγὸς αὐτοῦ ἐτραυματίσθη ἐλαφρῶς καὶ μετεφέρθη εἰς νοσοκομεῖον.
Η ΣΗΜΕΡΙΝΗ ΔΙΑΛΕΞΙΣ
Τὴν 7.30' μ.μ. σήμερον εἰς τὴν αἴθουσαν τοῦ Ἐμπορικοῦ καὶ Βιομηχανικοῦ Ἐπιμελητηρίου θὰ ὁμιλήσῃ ὁ καθηγητὴς κ. Ἀνρὶ Γκωσὲν καθηγητὴς τοῦ Διεθνοῦς Γεωγραφικοῦ Συνεδρίου καὶ ἐπιτίμου προέδρου τοῦ Συλλόγου «Λόγος καὶ Τέχνη», μὲ θέμα «Ἡ Ἑλλὰς καὶ ὁ σύγχρονος κόσμος». Ἡ εἴσοδος εἶναι ἐλευθέρα. Ἡράκλειον τῇ 22—9—62 (Ἐκ τῆς Ἐπιτροπῆς).
ΕΥΧΑΡΙΣΤΗΡΙΟΝ
Πάσιους τοὺς ἀγαπητοὺς συγγενεῖς καὶ φίλους οἵτινες μᾶς συνεπαρεστάθησαν κατὰ τὴν κηδείαν τοῦ ἀειμνήστου μας ἀδελφοῦ Νικολάου εὐχαριστοῦμεν θερμῶς. ΔΗΜΗΤΡ. ΜΑΛΑΓΑΡΔΗΣ, ἀνθυπίατρος ἐ. ἀ.
ΤΡΟΧΟΝΟΜΙΚΑΙ ΠΑΡΑΒΑΣΕΙΣ
Ὑπὸ τοῦ Αὐτοφώρου Δικαστηρίου κατεδικάσθησαν χθὲς 4 ὁδηγοὶ αὐτοκινήτων, 2 ποδηλάται καὶ 5 πεζοί ὡς καὶ ἐπὶ διάφοροι ἄλλοι κατηγορηθέντες.
